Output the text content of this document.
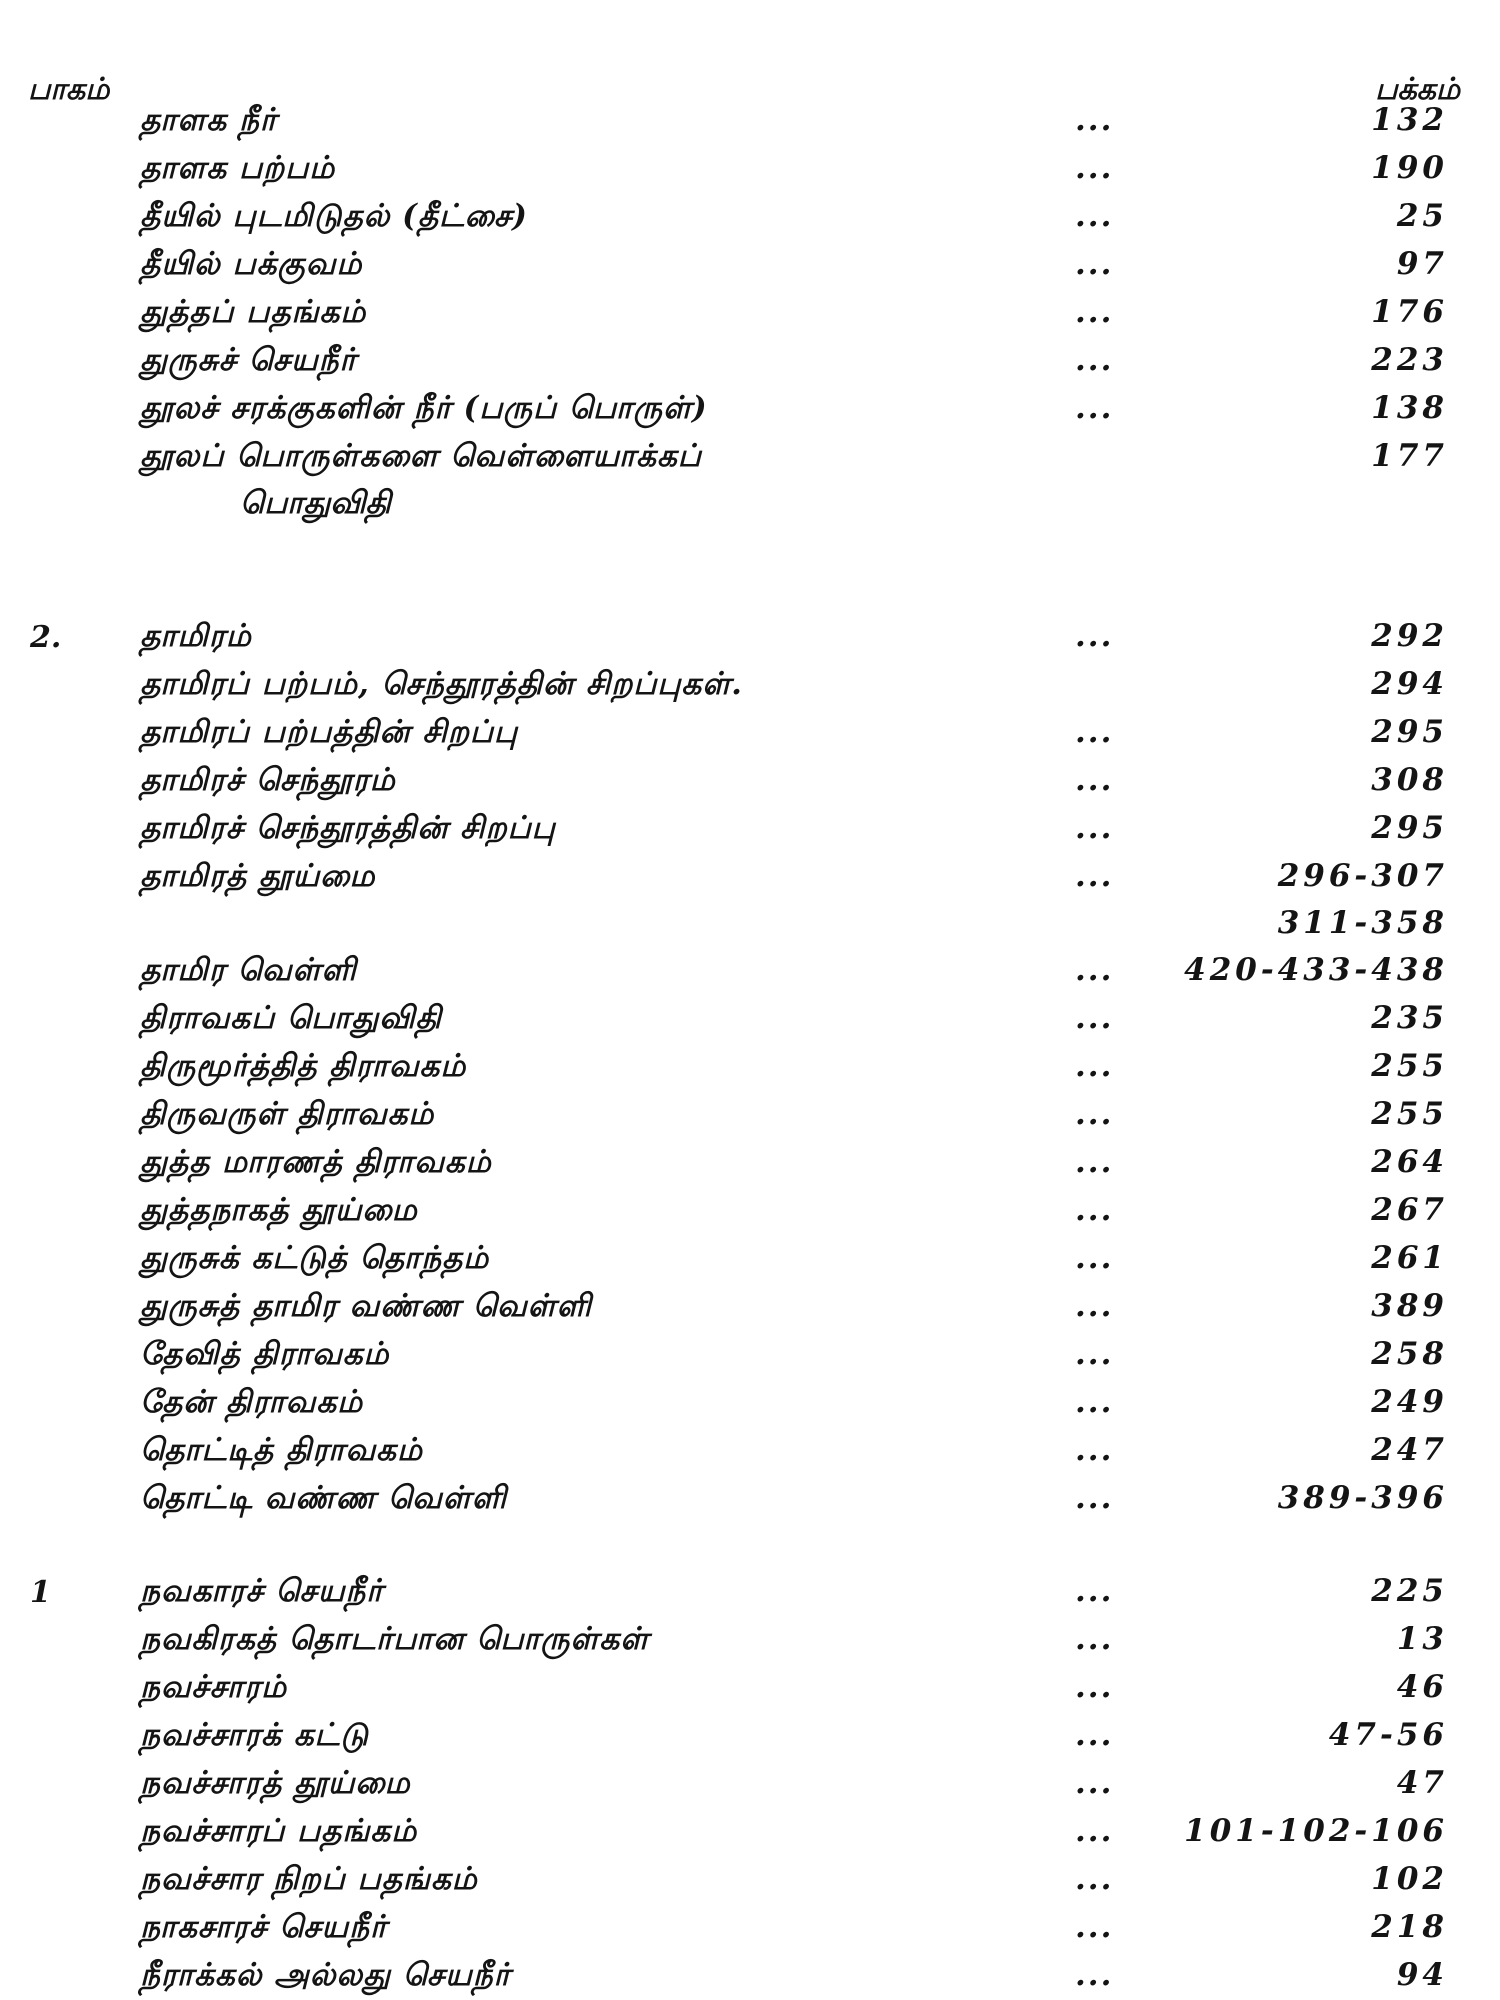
பாகம்	பக்கம்
தாளக நீர்	...	132
தாளக பற்பம்	...	190
தீயில் புடமிடுதல் (தீட்சை)	...	25
தீயில் பக்குவம்	...	97
துத்தப் பதங்கம்	...	176
துருசுச் செயநீர்	...	223
தூலச் சரக்குகளின் நீர் (பருப் பொருள்)	...	138
தூலப் பொருள்களை வெள்ளையாக்கப்	177
பொதுவிதி
2.	தாமிரம்	...	292
தாமிரப் பற்பம், செந்தூரத்தின் சிறப்புகள்.	294
தாமிரப் பற்பத்தின் சிறப்பு	...	295
தாமிரச் செந்தூரம்	...	308
தாமிரச் செந்தூரத்தின் சிறப்பு	...	295
தாமிரத் தூய்மை	...	296-307
311-358
தாமிர வெள்ளி	... 420-433-438
திராவகப் பொதுவிதி	...	235
திருமூர்த்தித் திராவகம்	...	255
திருவருள் திராவகம்	...	255
துத்த மாரணத் திராவகம்	...	264
துத்தநாகத் தூய்மை	...	267
துருசுக் கட்டுத் தொந்தம்	...	261
துருசுத் தாமிர வண்ண வெள்ளி	...	389
தேவித் திராவகம்	...	258
தேன் திராவகம்	...	249
தொட்டித் திராவகம்	...	247
தொட்டி வண்ண வெள்ளி	...	389-396
1	நவகாரச் செயநீர்	...	225
நவகிரகத் தொடர்பான பொருள்கள்	...	13
நவச்சாரம்	...	46
நவச்சாரக் கட்டு	...	47-56
நவச்சாரத் தூய்மை	...	47
நவச்சாரப் பதங்கம்	... 101-102-106
நவச்சார நிறப் பதங்கம்	...	102
நாகசாரச் செயநீர்	...	218
நீராக்கல் அல்லது செயநீர்	...	94
